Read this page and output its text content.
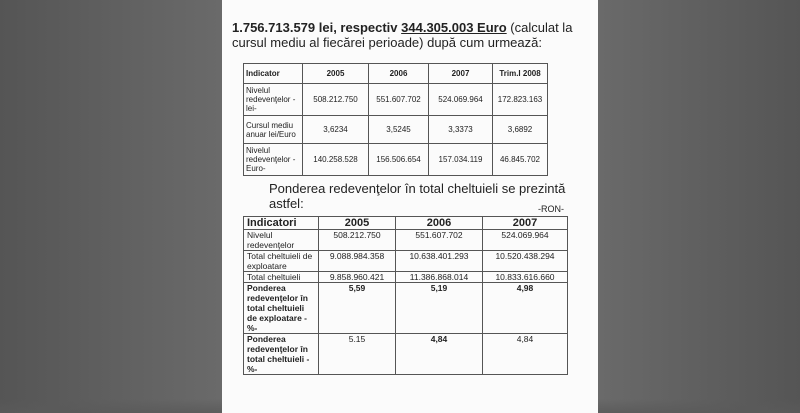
1.756.713.579 lei, respectiv 344.305.003 Euro (calculat la cursul mediu al fiecărei perioade) după cum urmează:

Indicator	2005	2006	2007	Trim.I 2008
Nivelul redevenţelor -lei-	508.212.750	551.607.702	524.069.964	172.823.163
Cursul mediu anuar lei/Euro	3,6234	3,5245	3,3373	3,6892
Nivelul redevenţelor -Euro-	140.258.528	156.506.654	157.034.119	46.845.702

Ponderea redevenţelor în total cheltuieli se prezintă astfel:	-RON-

Indicatori	2005	2006	2007
Nivelul redevenţelor	508.212.750	551.607.702	524.069.964
Total cheltuieli de exploatare	9.088.984.358	10.638.401.293	10.520.438.294
Total cheltuieli	9.858.960.421	11.386.868.014	10.833.616.660
Ponderea redevenţelor în total cheltuieli de exploatare -%-	5,59	5,19	4,98
Ponderea redevenţelor în total cheltuieli -%-	5.15	4,84	4,84
